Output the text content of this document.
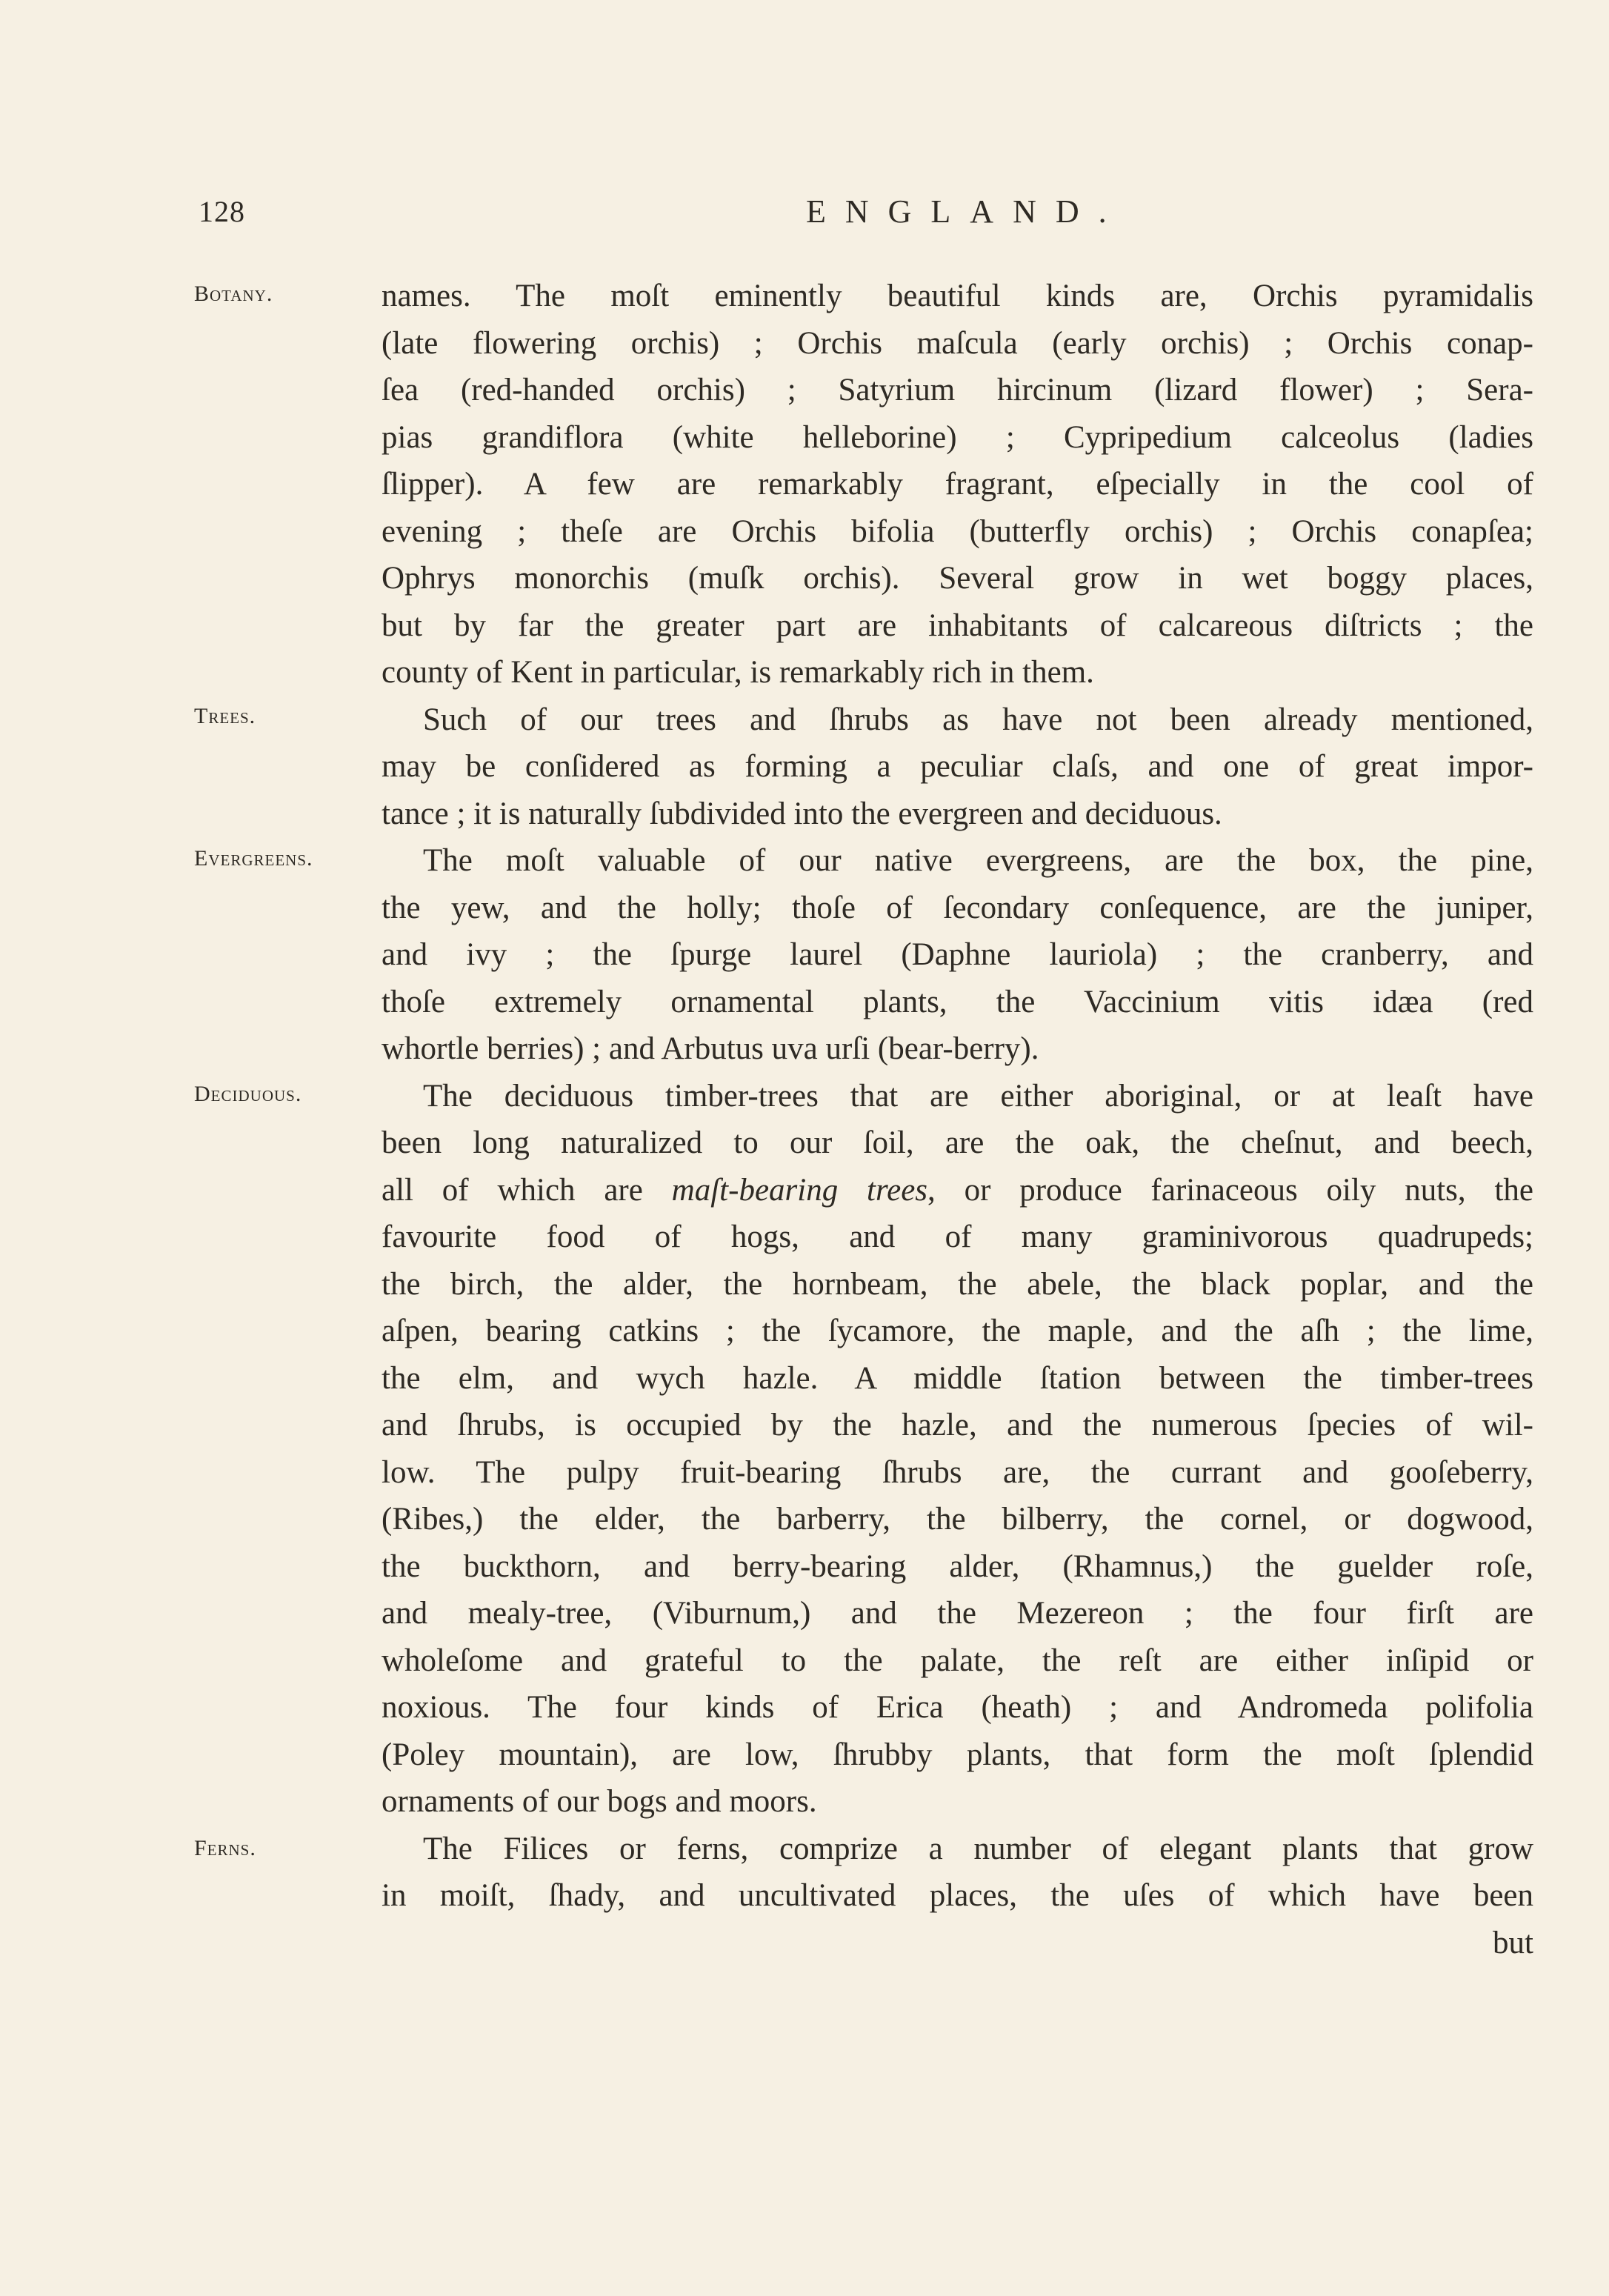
128	ENGLAND.
Botany.
Trees.
Evergreens.
Deciduous.
Ferns.
names. The moſt eminently beautiful kinds are, Orchis pyramidalis
(late flowering orchis) ; Orchis maſcula (early orchis) ; Orchis conap-
ſea (red-handed orchis) ; Satyrium hircinum (lizard flower) ; Sera-
pias grandiflora (white helleborine) ; Cypripedium calceolus (ladies
ſlipper). A few are remarkably fragrant, eſpecially in the cool of
evening ; theſe are Orchis bifolia (butterfly orchis) ; Orchis conapſea;
Ophrys monorchis (muſk orchis). Several grow in wet boggy places,
but by far the greater part are inhabitants of calcareous diſtricts ; the
county of Kent in particular, is remarkably rich in them.
Such of our trees and ſhrubs as have not been already mentioned,
may be conſidered as forming a peculiar claſs, and one of great impor-
tance ; it is naturally ſubdivided into the evergreen and deciduous.
The moſt valuable of our native evergreens, are the box, the pine,
the yew, and the holly; thoſe of ſecondary conſequence, are the juniper,
and ivy ; the ſpurge laurel (Daphne lauriola) ; the cranberry, and
thoſe extremely ornamental plants, the Vaccinium vitis idæa (red
whortle berries) ; and Arbutus uva urſi (bear-berry).
The deciduous timber-trees that are either aboriginal, or at leaſt have
been long naturalized to our ſoil, are the oak, the cheſnut, and beech,
all of which are maſt-bearing trees, or produce farinaceous oily nuts, the
favourite food of hogs, and of many graminivorous quadrupeds;
the birch, the alder, the hornbeam, the abele, the black poplar, and the
aſpen, bearing catkins ; the ſycamore, the maple, and the aſh ; the lime,
the elm, and wych hazle. A middle ſtation between the timber-trees
and ſhrubs, is occupied by the hazle, and the numerous ſpecies of wil-
low. The pulpy fruit-bearing ſhrubs are, the currant and gooſeberry,
(Ribes,) the elder, the barberry, the bilberry, the cornel, or dogwood,
the buckthorn, and berry-bearing alder, (Rhamnus,) the guelder roſe,
and mealy-tree, (Viburnum,) and the Mezereon ; the four firſt are
wholeſome and grateful to the palate, the reſt are either inſipid or
noxious. The four kinds of Erica (heath) ; and Andromeda polifolia
(Poley mountain), are low, ſhrubby plants, that form the moſt ſplendid
ornaments of our bogs and moors.
The Filices or ferns, comprize a number of elegant plants that grow
in moiſt, ſhady, and uncultivated places, the uſes of which have been
but
